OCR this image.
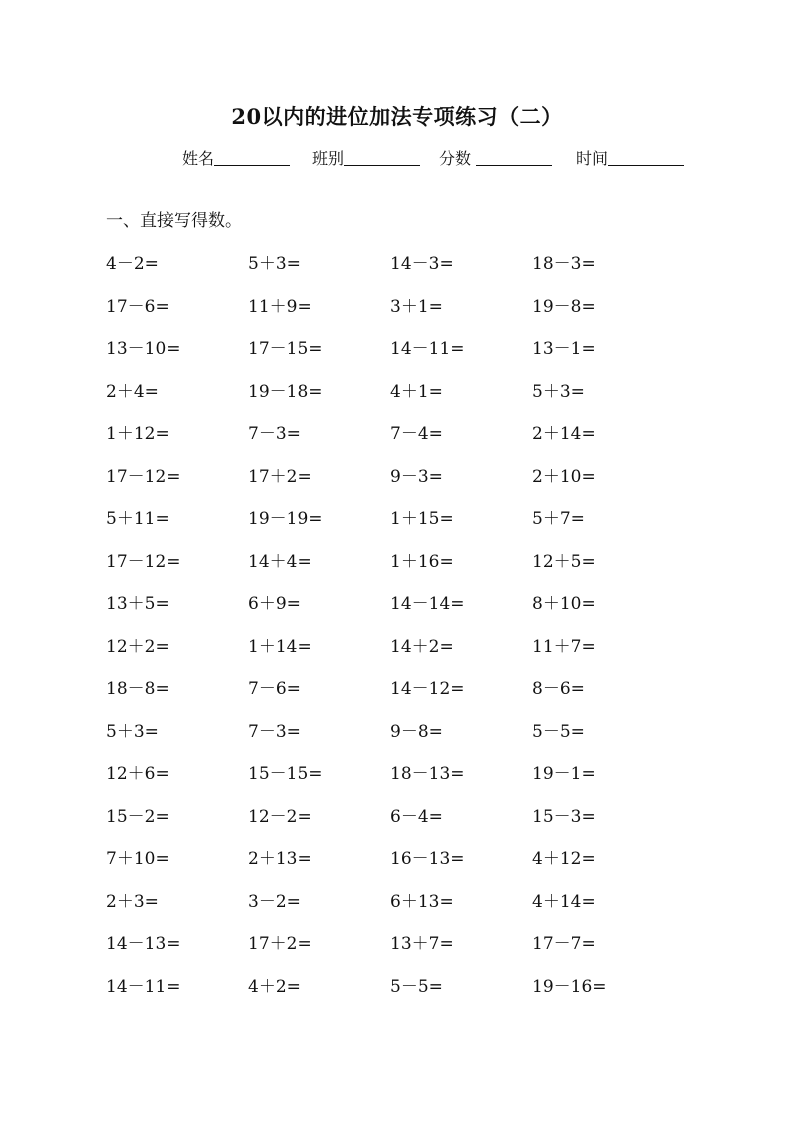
20以内的进位加法专项练习（二）
姓名	班别	分数	时间
一、直接写得数。
4－2=	5＋3=	14－3=	18－3=
17－6=	11＋9=	3＋1=	19－8=
13－10=	17－15=	14－11=	13－1=
2＋4=	19－18=	4＋1=	5＋3=
1＋12=	7－3=	7－4=	2＋14=
17－12=	17＋2=	9－3=	2＋10=
5＋11=	19－19=	1＋15=	5＋7=
17－12=	14＋4=	1＋16=	12＋5=
13＋5=	6＋9=	14－14=	8＋10=
12＋2=	1＋14=	14＋2=	11＋7=
18－8=	7－6=	14－12=	8－6=
5＋3=	7－3=	9－8=	5－5=
12＋6=	15－15=	18－13=	19－1=
15－2=	12－2=	6－4=	15－3=
7＋10=	2＋13=	16－13=	4＋12=
2＋3=	3－2=	6＋13=	4＋14=
14－13=	17＋2=	13＋7=	17－7=
14－11=	4＋2=	5－5=	19－16=
